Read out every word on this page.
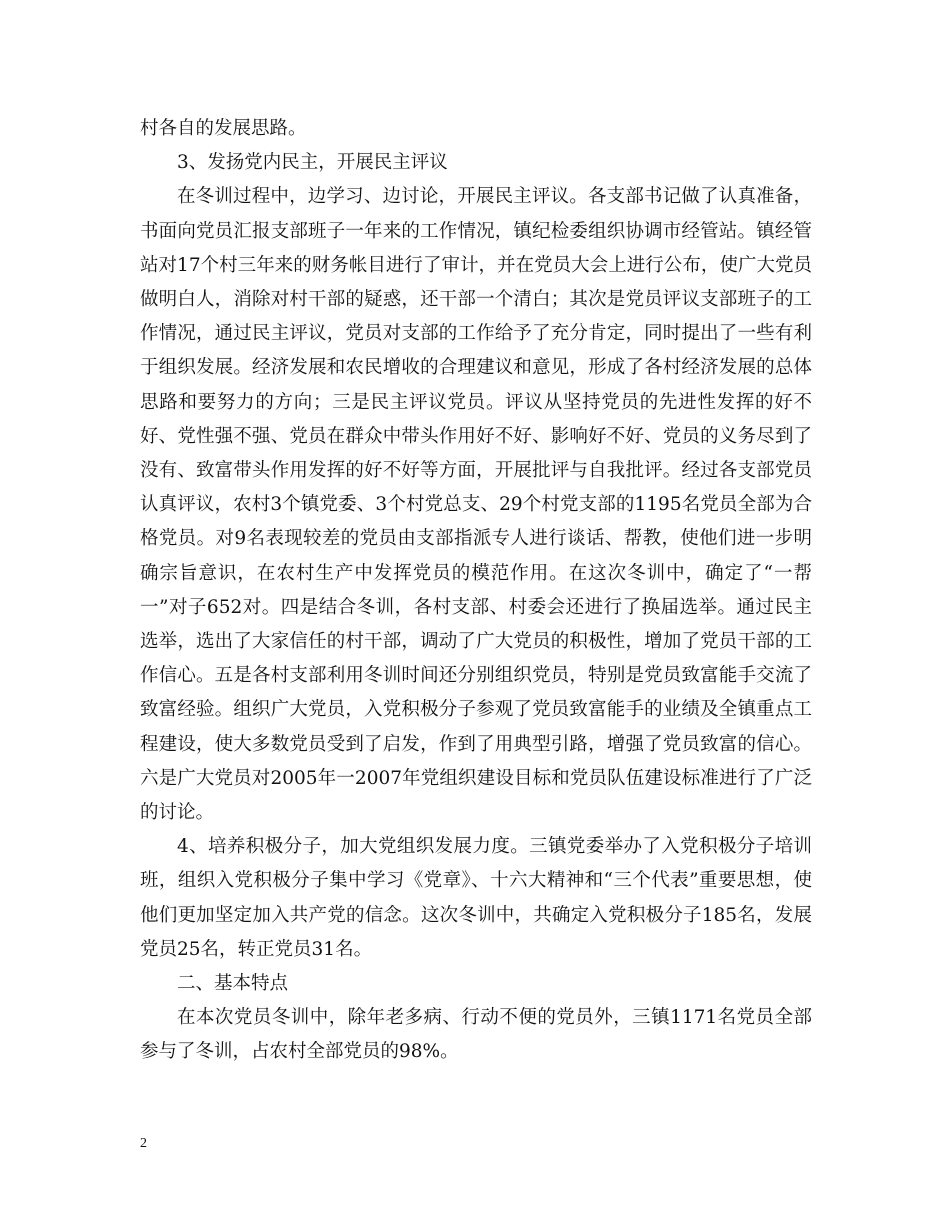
村各自的发展思路。

3、发扬党内民主，开展民主评议

在冬训过程中，边学习、边讨论，开展民主评议。各支部书记做了认真准备，书面向党员汇报支部班子一年来的工作情况，镇纪检委组织协调市经管站。镇经管站对17个村三年来的财务帐目进行了审计，并在党员大会上进行公布，使广大党员做明白人，消除对村干部的疑惑，还干部一个清白；其次是党员评议支部班子的工作情况，通过民主评议，党员对支部的工作给予了充分肯定，同时提出了一些有利于组织发展。经济发展和农民增收的合理建议和意见，形成了各村经济发展的总体思路和要努力的方向；三是民主评议党员。评议从坚持党员的先进性发挥的好不好、党性强不强、党员在群众中带头作用好不好、影响好不好、党员的义务尽到了没有、致富带头作用发挥的好不好等方面，开展批评与自我批评。经过各支部党员认真评议，农村3个镇党委、3个村党总支、29个村党支部的1195名党员全部为合格党员。对9名表现较差的党员由支部指派专人进行谈话、帮教，使他们进一步明确宗旨意识，在农村生产中发挥党员的模范作用。在这次冬训中，确定了“一帮一”对子652对。四是结合冬训，各村支部、村委会还进行了换届选举。通过民主选举，选出了大家信任的村干部，调动了广大党员的积极性，增加了党员干部的工作信心。五是各村支部利用冬训时间还分别组织党员，特别是党员致富能手交流了致富经验。组织广大党员，入党积极分子参观了党员致富能手的业绩及全镇重点工程建设，使大多数党员受到了启发，作到了用典型引路，增强了党员致富的信心。六是广大党员对2005年一2007年党组织建设目标和党员队伍建设标准进行了广泛的讨论。

4、培养积极分子，加大党组织发展力度。三镇党委举办了入党积极分子培训班，组织入党积极分子集中学习《党章》、十六大精神和“三个代表”重要思想，使他们更加坚定加入共产党的信念。这次冬训中，共确定入党积极分子185名，发展党员25名，转正党员31名。

二、基本特点

在本次党员冬训中，除年老多病、行动不便的党员外，三镇1171名党员全部参与了冬训，占农村全部党员的98%。

2
